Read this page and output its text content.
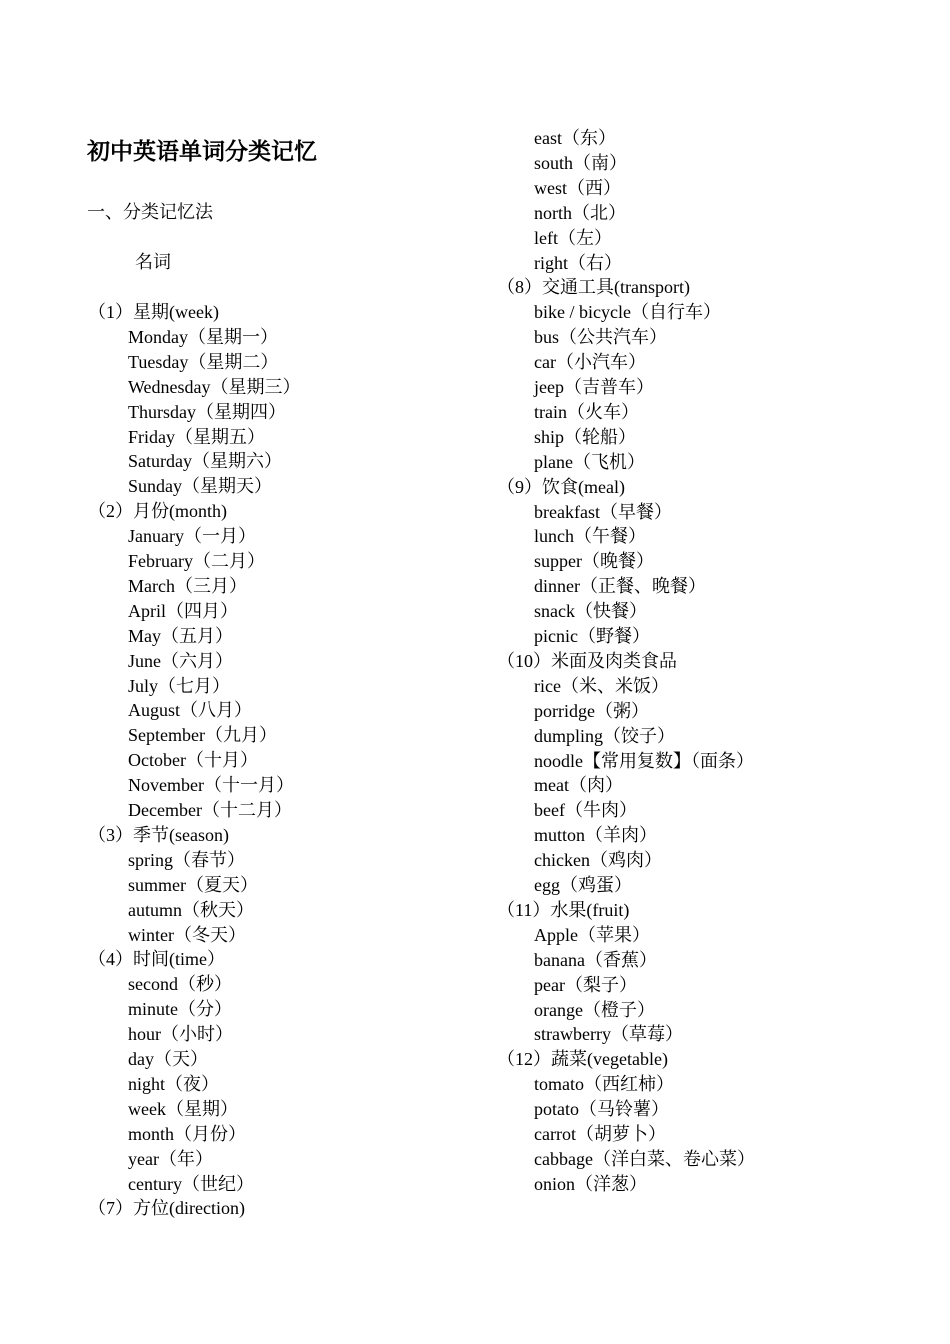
初中英语单词分类记忆
一、分类记忆法
名词
（1）星期(week)
Monday（星期一）
Tuesday（星期二）
Wednesday（星期三）
Thursday（星期四）
Friday（星期五）
Saturday（星期六）
Sunday（星期天）
（2）月份(month)
January（一月）
February（二月）
March（三月）
April（四月）
May（五月）
June（六月）
July（七月）
August（八月）
September（九月）
October（十月）
November（十一月）
December（十二月）
（3）季节(season)
spring（春节）
summer（夏天）
autumn（秋天）
winter（冬天）
（4）时间(time）
second（秒）
minute（分）
hour（小时）
day（天）
night（夜）
week（星期）
month（月份）
year（年）
century（世纪）
（7）方位(direction)
east（东）
south（南）
west（西）
north（北）
left（左）
right（右）
（8）交通工具(transport)
bike / bicycle（自行车）
bus（公共汽车）
car（小汽车）
jeep（吉普车）
train（火车）
ship（轮船）
plane（飞机）
（9）饮食(meal)
breakfast（早餐）
lunch（午餐）
supper（晚餐）
dinner（正餐、晚餐）
snack（快餐）
picnic（野餐）
（10）米面及肉类食品
rice（米、米饭）
porridge（粥）
dumpling（饺子）
noodle【常用复数】（面条）
meat（肉）
beef（牛肉）
mutton（羊肉）
chicken（鸡肉）
egg（鸡蛋）
（11）水果(fruit)
Apple（苹果）
banana（香蕉）
pear（梨子）
orange（橙子）
strawberry（草莓）
（12）蔬菜(vegetable)
tomato（西红柿）
potato（马铃薯）
carrot（胡萝卜）
cabbage（洋白菜、卷心菜）
onion（洋葱）
